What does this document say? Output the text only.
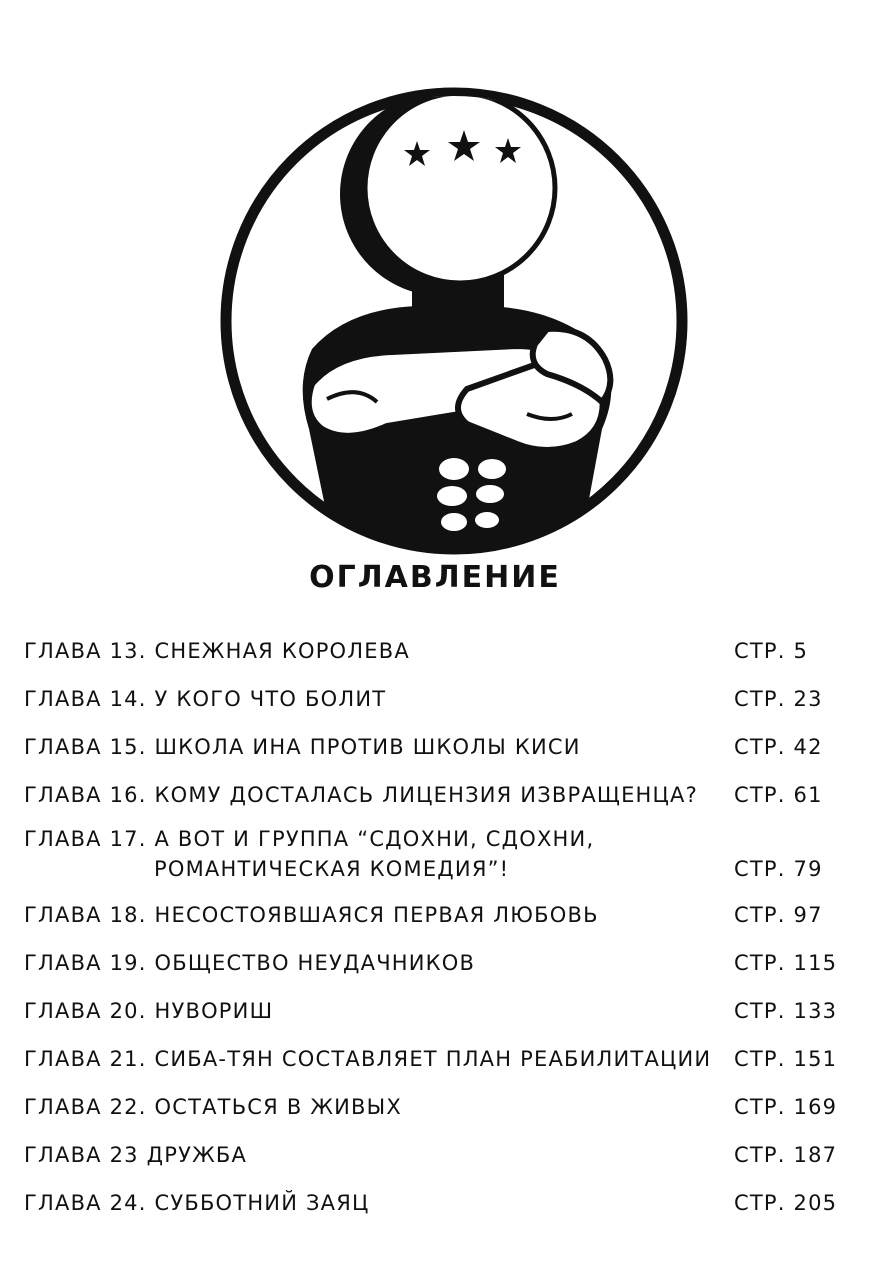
ОГЛАВЛЕНИЕ
ГЛАВА 13. СНЕЖНАЯ КОРОЛЕВА	СТР. 5
ГЛАВА 14. У КОГО ЧТО БОЛИТ	СТР. 23
ГЛАВА 15. ШКОЛА ИНА ПРОТИВ ШКОЛЫ КИСИ	СТР. 42
ГЛАВА 16. КОМУ ДОСТАЛАСЬ ЛИЦЕНЗИЯ ИЗВРАЩЕНЦА?	СТР. 61
ГЛАВА 17. А ВОТ И ГРУППА “СДОХНИ, СДОХНИ,
РОМАНТИЧЕСКАЯ КОМЕДИЯ”!	СТР. 79
ГЛАВА 18. НЕСОСТОЯВШАЯСЯ ПЕРВАЯ ЛЮБОВЬ	СТР. 97
ГЛАВА 19. ОБЩЕСТВО НЕУДАЧНИКОВ	СТР. 115
ГЛАВА 20. НУВОРИШ	СТР. 133
ГЛАВА 21. СИБА-ТЯН СОСТАВЛЯЕТ ПЛАН РЕАБИЛИТАЦИИ	СТР. 151
ГЛАВА 22. ОСТАТЬСЯ В ЖИВЫХ	СТР. 169
ГЛАВА 23 ДРУЖБА	СТР. 187
ГЛАВА 24. СУББОТНИЙ ЗАЯЦ	СТР. 205
